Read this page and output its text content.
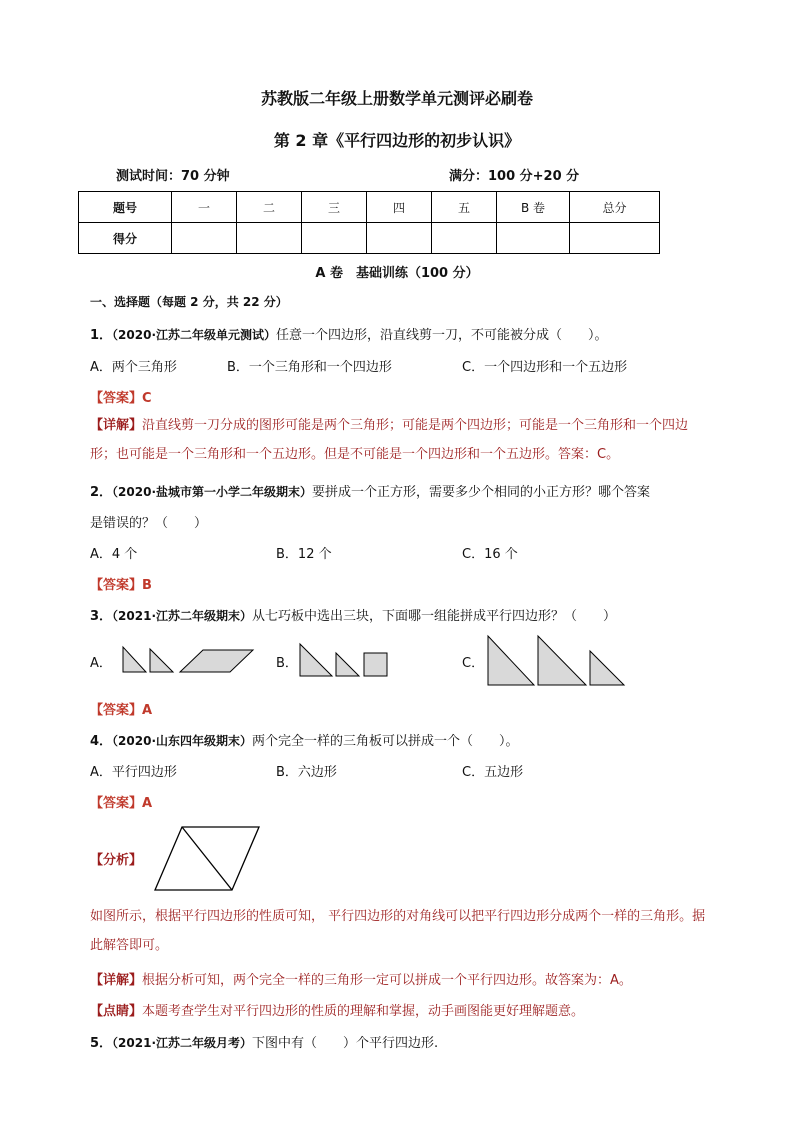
苏教版二年级上册数学单元测评必刷卷
第 2 章《平行四边形的初步认识》
测试时间：70 分钟	满分：100 分+20 分
题号	一	二	三	四	五	B 卷	总分
得分							
A 卷　基础训练（100 分）
一、选择题（每题 2 分，共 22 分）
1．（2020·江苏二年级单元测试）任意一个四边形，沿直线剪一刀，不可能被分成（　　）。
A．两个三角形	B．一个三角形和一个四边形	C．一个四边形和一个五边形
【答案】C
【详解】沿直线剪一刀分成的图形可能是两个三角形；可能是两个四边形；可能是一个三角形和一个四边形；也可能是一个三角形和一个五边形。但是不可能是一个四边形和一个五边形。答案：C。
2．（2020·盐城市第一小学二年级期末）要拼成一个正方形，需要多少个相同的小正方形？哪个答案
是错误的？（　　）
A．4 个	B．12 个	C．16 个
【答案】B
3．（2021·江苏二年级期末）从七巧板中选出三块，下面哪一组能拼成平行四边形？（　　）
A．	B．	C．
【答案】A
4．（2020·山东四年级期末）两个完全一样的三角板可以拼成一个（　　）。
A．平行四边形	B．六边形	C．五边形
【答案】A
【分析】
如图所示，根据平行四边形的性质可知， 平行四边形的对角线可以把平行四边形分成两个一样的三角形。据此解答即可。
【详解】根据分析可知，两个完全一样的三角形一定可以拼成一个平行四边形。故答案为：A。
【点睛】本题考查学生对平行四边形的性质的理解和掌握，动手画图能更好理解题意。
5．（2021·江苏二年级月考）下图中有（　　）个平行四边形.
